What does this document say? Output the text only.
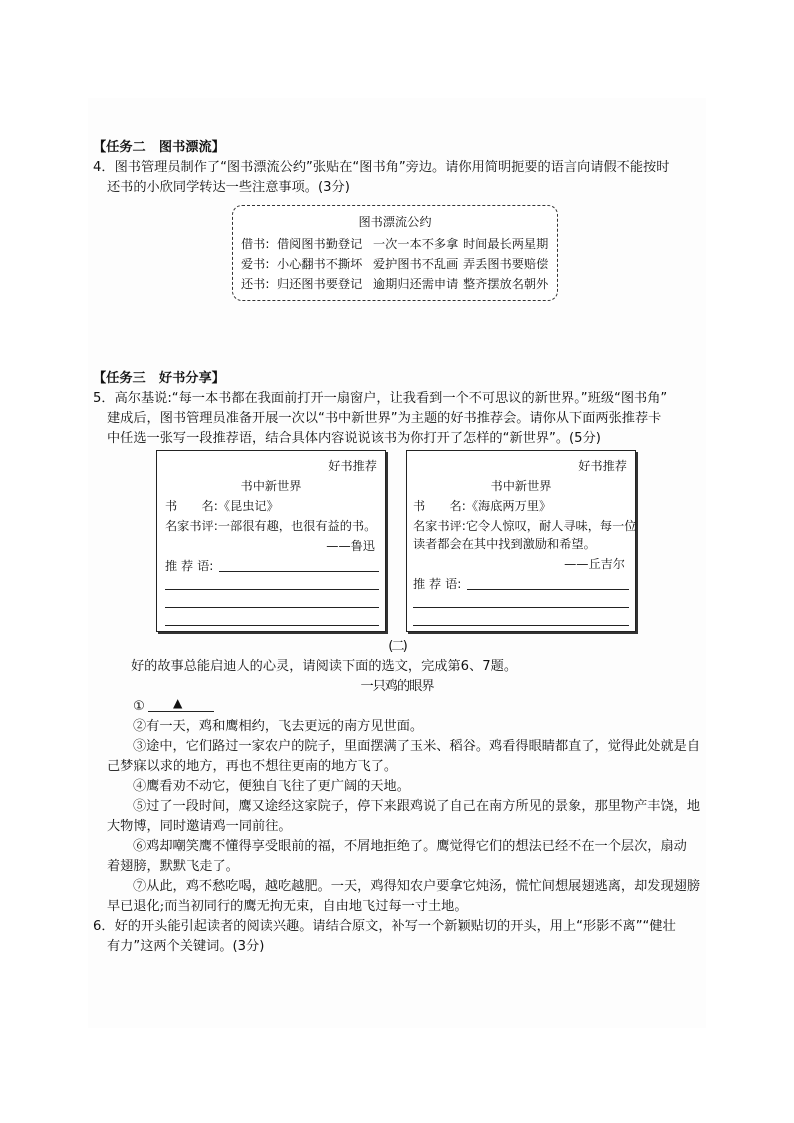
【任务二　图书漂流】
4．图书管理员制作了“图书漂流公约”张贴在“图书角”旁边。请你用简明扼要的语言向请假不能按时
还书的小欣同学转达一些注意事项。(3分)
图书漂流公约
借书: 借阅图书勤登记 一次一本不多拿 时间最长两星期
爱书: 小心翻书不撕坏 爱护图书不乱画 弄丢图书要赔偿
还书: 归还图书要登记 逾期归还需申请 整齐摆放名朝外
【任务三　好书分享】
5．高尔基说:“每一本书都在我面前打开一扇窗户，让我看到一个不可思议的新世界。”班级“图书角”
建成后，图书管理员准备开展一次以“书中新世界”为主题的好书推荐会。请你从下面两张推荐卡
中任选一张写一段推荐语，结合具体内容说说该书为你打开了怎样的“新世界”。(5分)
好书推荐
书中新世界
书　　名:《昆虫记》
名家书评:一部很有趣，也很有益的书。
——鲁迅
推 荐 语:
好书推荐
书中新世界
书　　名:《海底两万里》
名家书评:它令人惊叹，耐人寻味，每一位
读者都会在其中找到激励和希望。
——丘吉尔
推 荐 语:
(二)
好的故事总能启迪人的心灵，请阅读下面的选文，完成第6、7题。
一只鸡的眼界
① ▲
②有一天，鸡和鹰相约，飞去更远的南方见世面。
③途中，它们路过一家农户的院子，里面摆满了玉米、稻谷。鸡看得眼睛都直了，觉得此处就是自
己梦寐以求的地方，再也不想往更南的地方飞了。
④鹰看劝不动它，便独自飞往了更广阔的天地。
⑤过了一段时间，鹰又途经这家院子，停下来跟鸡说了自己在南方所见的景象，那里物产丰饶，地
大物博，同时邀请鸡一同前往。
⑥鸡却嘲笑鹰不懂得享受眼前的福，不屑地拒绝了。鹰觉得它们的想法已经不在一个层次，扇动
着翅膀，默默飞走了。
⑦从此，鸡不愁吃喝，越吃越肥。一天，鸡得知农户要拿它炖汤，慌忙间想展翅逃离，却发现翅膀
早已退化;而当初同行的鹰无拘无束，自由地飞过每一寸土地。
6．好的开头能引起读者的阅读兴趣。请结合原文，补写一个新颖贴切的开头，用上“形影不离”“健壮
有力”这两个关键词。(3分)
